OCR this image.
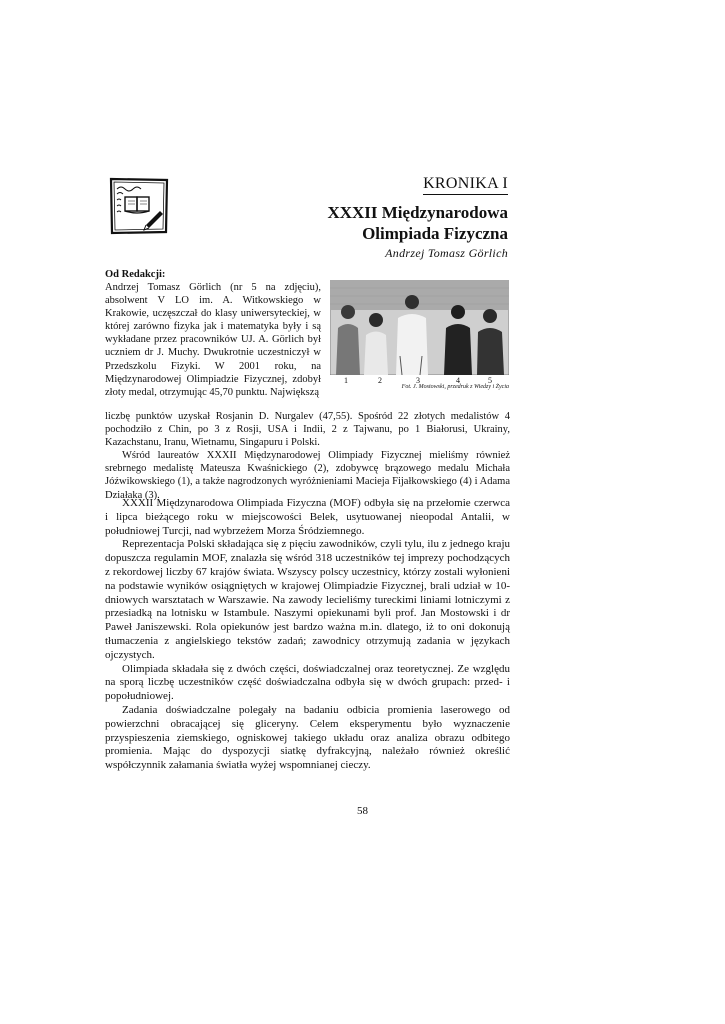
KRONIKA I
XXXII Międzynarodowa
Olimpiada Fizyczna
Andrzej Tomasz Görlich
Od Redakcji:
Andrzej Tomasz Görlich (nr 5 na zdjęciu), absolwent V LO im. A. Witkowskiego w Krakowie, uczęszczał do klasy uniwersyteckiej, w której zarówno fizyka jak i matematyka były i są wykładane przez pracowników UJ. A. Görlich był uczniem dr J. Muchy. Dwukrotnie uczestniczył w Przedszkolu Fizyki. W 2001 roku, na Międzynarodowej Olimpiadzie Fizycznej, zdobył złoty medal, otrzymując 45,70 punktu. Największą
1	2	3	4	5
Fot. J. Mostowski, przedruk z Wiedzy i Życia

liczbę punktów uzyskał Rosjanin D. Nurgalev (47,55). Spośród 22 złotych medalistów 4 pochodziło z Chin, po 3 z Rosji, USA i Indii, 2 z Tajwanu, po 1 Białorusi, Ukrainy, Kazachstanu, Iranu, Wietnamu, Singapuru i Polski.

Wśród laureatów XXXII Międzynarodowej Olimpiady Fizycznej mieliśmy również srebrnego medalistę Mateusza Kwaśnickiego (2), zdobywcę brązowego medalu Michała Jóźwikowskiego (1), a także nagrodzonych wyróżnieniami Macieja Fijałkowskiego (4) i Adama Działaka (3).

XXXII Międzynarodowa Olimpiada Fizyczna (MOF) odbyła się na przełomie czerwca i lipca bieżącego roku w miejscowości Belek, usytuowanej nieopodal Antalii, w południowej Turcji, nad wybrzeżem Morza Śródziemnego.

Reprezentacja Polski składająca się z pięciu zawodników, czyli tylu, ilu z jednego kraju dopuszcza regulamin MOF, znalazła się wśród 318 uczestników tej imprezy pochodzących z rekordowej liczby 67 krajów świata. Wszyscy polscy uczestnicy, którzy zostali wyłonieni na podstawie wyników osiągniętych w krajowej Olimpiadzie Fizycznej, brali udział w 10-dniowych warsztatach w Warszawie. Na zawody lecieliśmy tureckimi liniami lotniczymi z przesiadką na lotnisku w Istambule. Naszymi opiekunami byli prof. Jan Mostowski i dr Paweł Janiszewski. Rola opiekunów jest bardzo ważna m.in. dlatego, iż to oni dokonują tłumaczenia z angielskiego tekstów zadań; zawodnicy otrzymują zadania w językach ojczystych.

Olimpiada składała się z dwóch części, doświadczalnej oraz teoretycznej. Ze względu na sporą liczbę uczestników część doświadczalna odbyła się w dwóch grupach: przed- i popołudniowej.

Zadania doświadczalne polegały na badaniu odbicia promienia laserowego od powierzchni obracającej się gliceryny. Celem eksperymentu było wyznaczenie przyspieszenia ziemskiego, ogniskowej takiego układu oraz analiza obrazu odbitego promienia. Mając do dyspozycji siatkę dyfrakcyjną, należało również określić współczynnik załamania światła wyżej wspomnianej cieczy.

58
